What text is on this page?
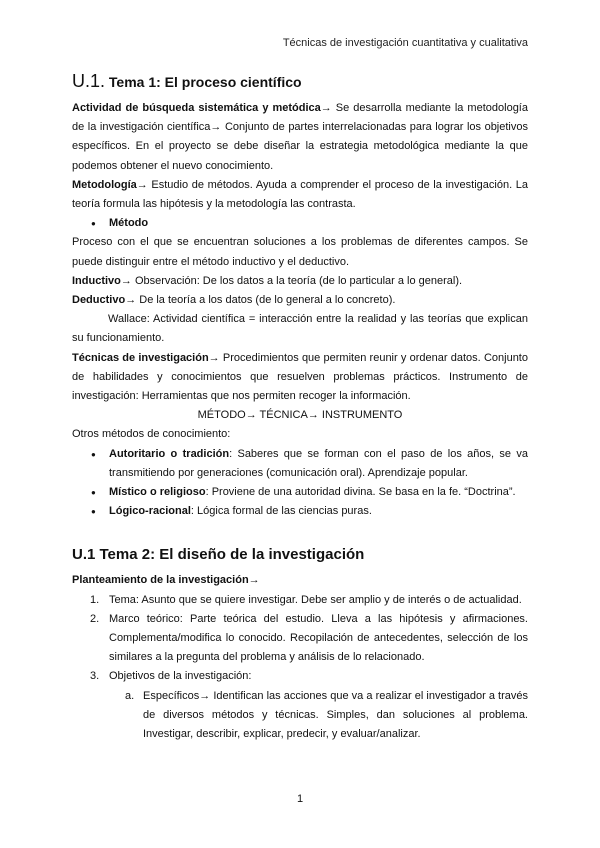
Técnicas de investigación cuantitativa y cualitativa
U.1. Tema 1: El proceso científico

Actividad de búsqueda sistemática y metódica→ Se desarrolla mediante la metodología de la investigación científica→ Conjunto de partes interrelacionadas para lograr los objetivos específicos. En el proyecto se debe diseñar la estrategia metodológica mediante la que podemos obtener el nuevo conocimiento.

Metodología→ Estudio de métodos. Ayuda a comprender el proceso de la investigación. La teoría formula las hipótesis y la metodología las contrasta.

● Método

Proceso con el que se encuentran soluciones a los problemas de diferentes campos. Se puede distinguir entre el método inductivo y el deductivo.

Inductivo→ Observación: De los datos a la teoría (de lo particular a lo general).

Deductivo→ De la teoría a los datos (de lo general a lo concreto).

Wallace: Actividad científica = interacción entre la realidad y las teorías que explican su funcionamiento.

Técnicas de investigación→ Procedimientos que permiten reunir y ordenar datos. Conjunto de habilidades y conocimientos que resuelven problemas prácticos. Instrumento de investigación: Herramientas que nos permiten recoger la información.

MÉTODO→ TÉCNICA→ INSTRUMENTO

Otros métodos de conocimiento:

● Autoritario o tradición: Saberes que se forman con el paso de los años, se va transmitiendo por generaciones (comunicación oral). Aprendizaje popular.
● Místico o religioso: Proviene de una autoridad divina. Se basa en la fe. “Doctrina”.
● Lógico-racional: Lógica formal de las ciencias puras.
U.1 Tema 2: El diseño de la investigación

Planteamiento de la investigación→

1. Tema: Asunto que se quiere investigar. Debe ser amplio y de interés o de actualidad.
2. Marco teórico: Parte teórica del estudio. Lleva a las hipótesis y afirmaciones. Complementa/modifica lo conocido. Recopilación de antecedentes, selección de los similares a la pregunta del problema y análisis de lo relacionado.
3. Objetivos de la investigación:
a. Específicos→ Identifican las acciones que va a realizar el investigador a través de diversos métodos y técnicas. Simples, dan soluciones al problema. Investigar, describir, explicar, predecir, y evaluar/analizar.
1
